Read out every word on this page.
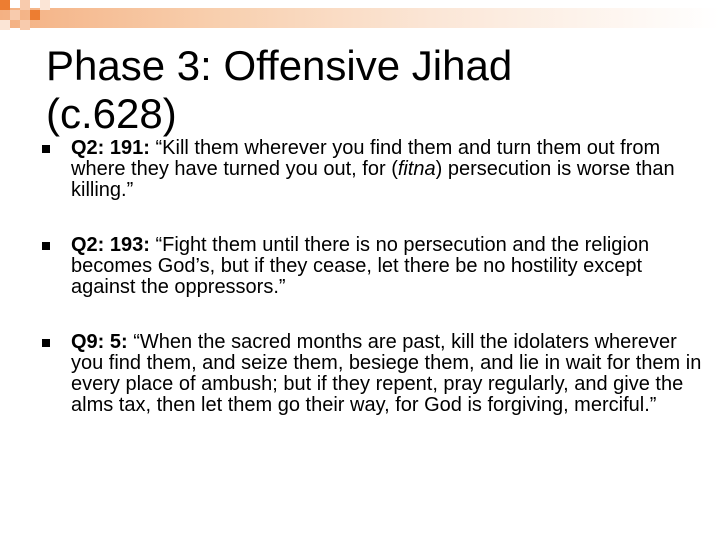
Phase 3: Offensive Jihad
(c.628)
Q2: 191: “Kill them wherever you find them and turn them out from where they have turned you out, for (fitna) persecution is worse than killing.”
Q2: 193: “Fight them until there is no persecution and the religion becomes God’s, but if they cease, let there be no hostility except against the oppressors.”
Q9: 5: “When the sacred months are past, kill the idolaters wherever you find them, and seize them, besiege them, and lie in wait for them in every place of ambush; but if they repent, pray regularly, and give the alms tax, then let them go their way, for God is forgiving, merciful.”
